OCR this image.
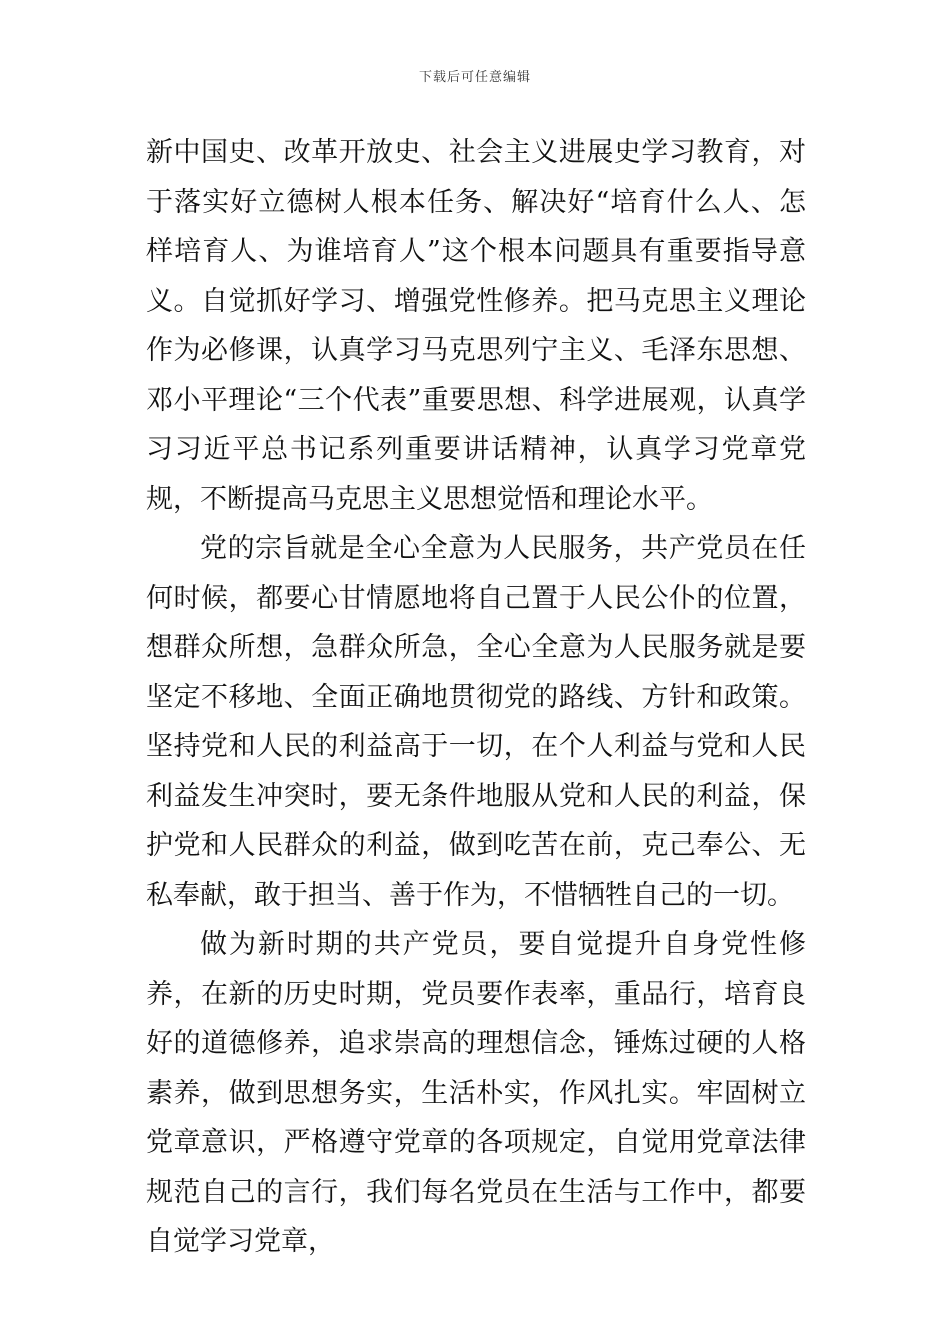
下载后可任意编辑

新中国史、改革开放史、社会主义进展史学习教育，对于落实好立德树人根本任务、解决好“培育什么人、怎样培育人、为谁培育人”这个根本问题具有重要指导意义。自觉抓好学习、增强党性修养。把马克思主义理论作为必修课，认真学习马克思列宁主义、毛泽东思想、邓小平理论“三个代表”重要思想、科学进展观，认真学习习近平总书记系列重要讲话精神，认真学习党章党规，不断提高马克思主义思想觉悟和理论水平。

党的宗旨就是全心全意为人民服务，共产党员在任何时候，都要心甘情愿地将自己置于人民公仆的位置，想群众所想，急群众所急，全心全意为人民服务就是要坚定不移地、全面正确地贯彻党的路线、方针和政策。坚持党和人民的利益高于一切，在个人利益与党和人民利益发生冲突时，要无条件地服从党和人民的利益，保护党和人民群众的利益，做到吃苦在前，克己奉公、无私奉献，敢于担当、善于作为，不惜牺牲自己的一切。

做为新时期的共产党员，要自觉提升自身党性修养，在新的历史时期，党员要作表率，重品行，培育良好的道德修养，追求崇高的理想信念，锤炼过硬的人格素养，做到思想务实，生活朴实，作风扎实。牢固树立党章意识，严格遵守党章的各项规定，自觉用党章法律规范自己的言行，我们每名党员在生活与工作中，都要自觉学习党章，
